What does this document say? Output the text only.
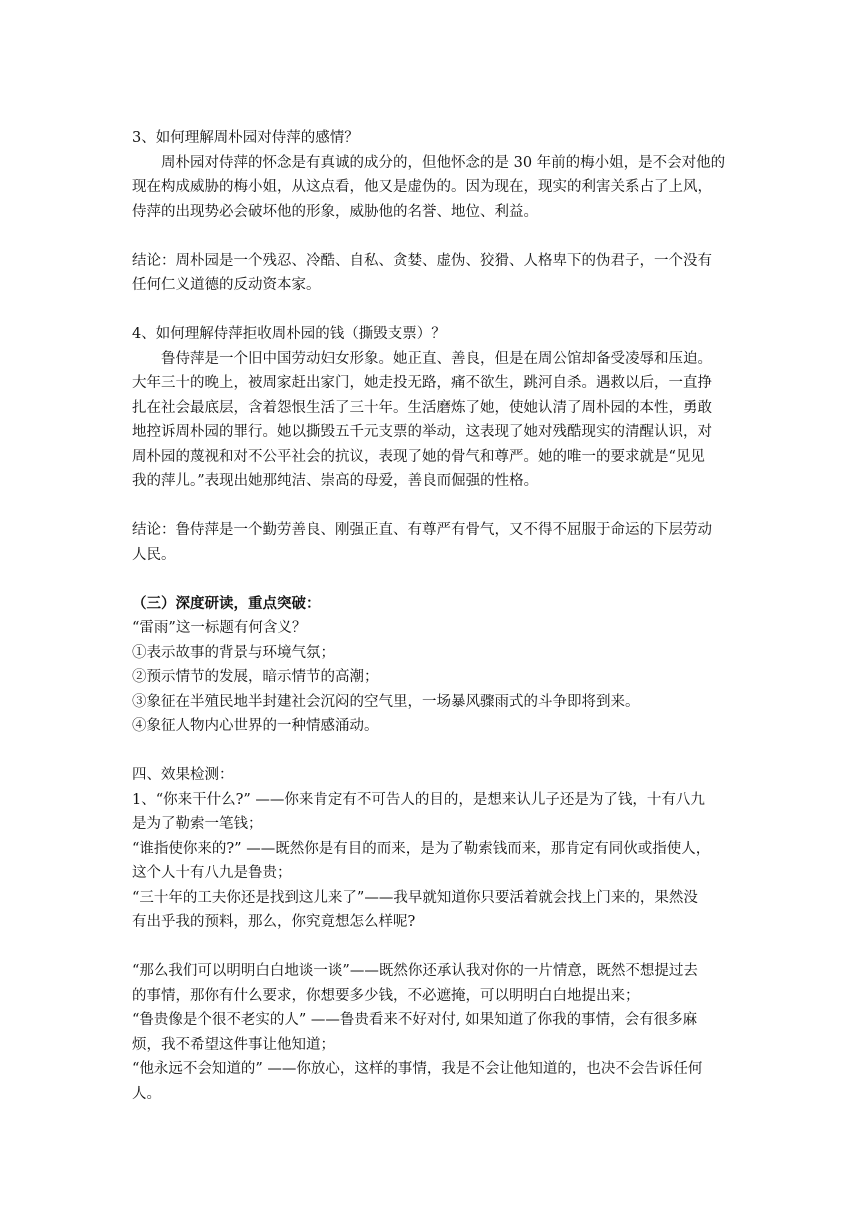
3、如何理解周朴园对侍萍的感情？
周朴园对侍萍的怀念是有真诚的成分的，但他怀念的是 30 年前的梅小姐，是不会对他的
现在构成威胁的梅小姐，从这点看，他又是虚伪的。因为现在，现实的利害关系占了上风，
侍萍的出现势必会破坏他的形象，威胁他的名誉、地位、利益。
结论：周朴园是一个残忍、冷酷、自私、贪婪、虚伪、狡猾、人格卑下的伪君子，一个没有
任何仁义道德的反动资本家。
4、如何理解侍萍拒收周朴园的钱（撕毁支票）？
鲁侍萍是一个旧中国劳动妇女形象。她正直、善良，但是在周公馆却备受凌辱和压迫。
大年三十的晚上，被周家赶出家门，她走投无路，痛不欲生，跳河自杀。遇救以后，一直挣
扎在社会最底层，含着怨恨生活了三十年。生活磨炼了她，使她认清了周朴园的本性，勇敢
地控诉周朴园的罪行。她以撕毁五千元支票的举动，这表现了她对残酷现实的清醒认识，对
周朴园的蔑视和对不公平社会的抗议，表现了她的骨气和尊严。她的唯一的要求就是“见见
我的萍儿。”表现出她那纯洁、崇高的母爱，善良而倔强的性格。
结论：鲁侍萍是一个勤劳善良、刚强正直、有尊严有骨气，又不得不屈服于命运的下层劳动
人民。
（三）深度研读，重点突破：
“雷雨”这一标题有何含义？
①表示故事的背景与环境气氛；
②预示情节的发展，暗示情节的高潮；
③象征在半殖民地半封建社会沉闷的空气里，一场暴风骤雨式的斗争即将到来。
④象征人物内心世界的一种情感涌动。
四、效果检测：
1、“你来干什么?” ——你来肯定有不可告人的目的，是想来认儿子还是为了钱，十有八九
是为了勒索一笔钱；
“谁指使你来的?” ——既然你是有目的而来，是为了勒索钱而来，那肯定有同伙或指使人，
这个人十有八九是鲁贵；
“三十年的工夫你还是找到这儿来了”——我早就知道你只要活着就会找上门来的，果然没
有出乎我的预料，那么，你究竟想怎么样呢?
“那么我们可以明明白白地谈一谈”——既然你还承认我对你的一片情意，既然不想提过去
的事情，那你有什么要求，你想要多少钱，不必遮掩，可以明明白白地提出来；
“鲁贵像是个很不老实的人” ——鲁贵看来不好对付, 如果知道了你我的事情，会有很多麻
烦，我不希望这件事让他知道；
“他永远不会知道的” ——你放心，这样的事情，我是不会让他知道的，也决不会告诉任何
人。
